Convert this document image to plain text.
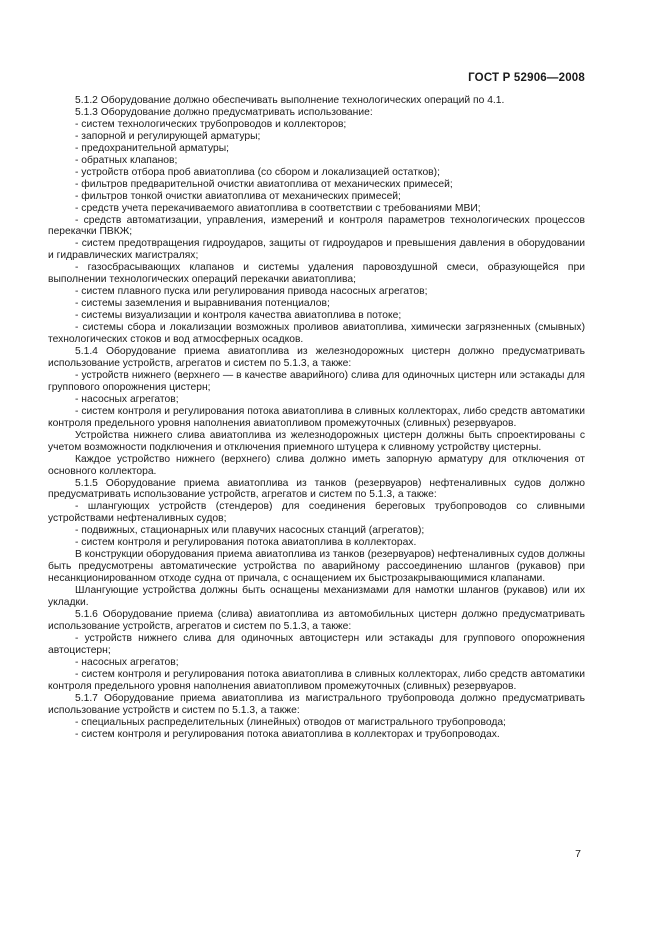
ГОСТ Р 52906—2008

5.1.2 Оборудование должно обеспечивать выполнение технологических операций по 4.1.

5.1.3 Оборудование должно предусматривать использование:

- систем технологических трубопроводов и коллекторов;

- запорной и регулирующей арматуры;

- предохранительной арматуры;

- обратных клапанов;

- устройств отбора проб авиатоплива (со сбором и локализацией остатков);

- фильтров предварительной очистки авиатоплива от механических примесей;

- фильтров тонкой очистки авиатоплива от механических примесей;

- средств учета перекачиваемого авиатоплива в соответствии с требованиями МВИ;

- средств автоматизации, управления, измерений и контроля параметров технологических процессов перекачки ПВКЖ;

- систем предотвращения гидроударов, защиты от гидроударов и превышения давления в оборудовании и гидравлических магистралях;

- газосбрасывающих клапанов и системы удаления паровоздушной смеси, образующейся при выполнении технологических операций перекачки авиатоплива;

- систем плавного пуска или регулирования привода насосных агрегатов;

- системы заземления и выравнивания потенциалов;

- системы визуализации и контроля качества авиатоплива в потоке;

- системы сбора и локализации возможных проливов авиатоплива, химически загрязненных (смывных) технологических стоков и вод атмосферных осадков.

5.1.4 Оборудование приема авиатоплива из железнодорожных цистерн должно предусматривать использование устройств, агрегатов и систем по 5.1.3, а также:

- устройств нижнего (верхнего — в качестве аварийного) слива для одиночных цистерн или эстакады для группового опорожнения цистерн;

- насосных агрегатов;

- систем контроля и регулирования потока авиатоплива в сливных коллекторах, либо средств автоматики контроля предельного уровня наполнения авиатопливом промежуточных (сливных) резервуаров.

Устройства нижнего слива авиатоплива из железнодорожных цистерн должны быть спроектированы с учетом возможности подключения и отключения приемного штуцера к сливному устройству цистерны.

Каждое устройство нижнего (верхнего) слива должно иметь запорную арматуру для отключения от основного коллектора.

5.1.5 Оборудование приема авиатоплива из танков (резервуаров) нефтеналивных судов должно предусматривать использование устройств, агрегатов и систем по 5.1.3, а также:

- шлангующих устройств (стендеров) для соединения береговых трубопроводов со сливными устройствами нефтеналивных судов;

- подвижных, стационарных или плавучих насосных станций (агрегатов);

- систем контроля и регулирования потока авиатоплива в коллекторах.

В конструкции оборудования приема авиатоплива из танков (резервуаров) нефтеналивных судов должны быть предусмотрены автоматические устройства по аварийному рассоединению шлангов (рукавов) при несанкционированном отходе судна от причала, с оснащением их быстрозакрывающимися клапанами.

Шлангующие устройства должны быть оснащены механизмами для намотки шлангов (рукавов) или их укладки.

5.1.6 Оборудование приема (слива) авиатоплива из автомобильных цистерн должно предусматривать использование устройств, агрегатов и систем по 5.1.3, а также:

- устройств нижнего слива для одиночных автоцистерн или эстакады для группового опорожнения автоцистерн;

- насосных агрегатов;

- систем контроля и регулирования потока авиатоплива в сливных коллекторах, либо средств автоматики контроля предельного уровня наполнения авиатопливом промежуточных (сливных) резервуаров.

5.1.7 Оборудование приема авиатоплива из магистрального трубопровода должно предусматривать использование устройств и систем по 5.1.3, а также:

- специальных распределительных (линейных) отводов от магистрального трубопровода;

- систем контроля и регулирования потока авиатоплива в коллекторах и трубопроводах.

7
